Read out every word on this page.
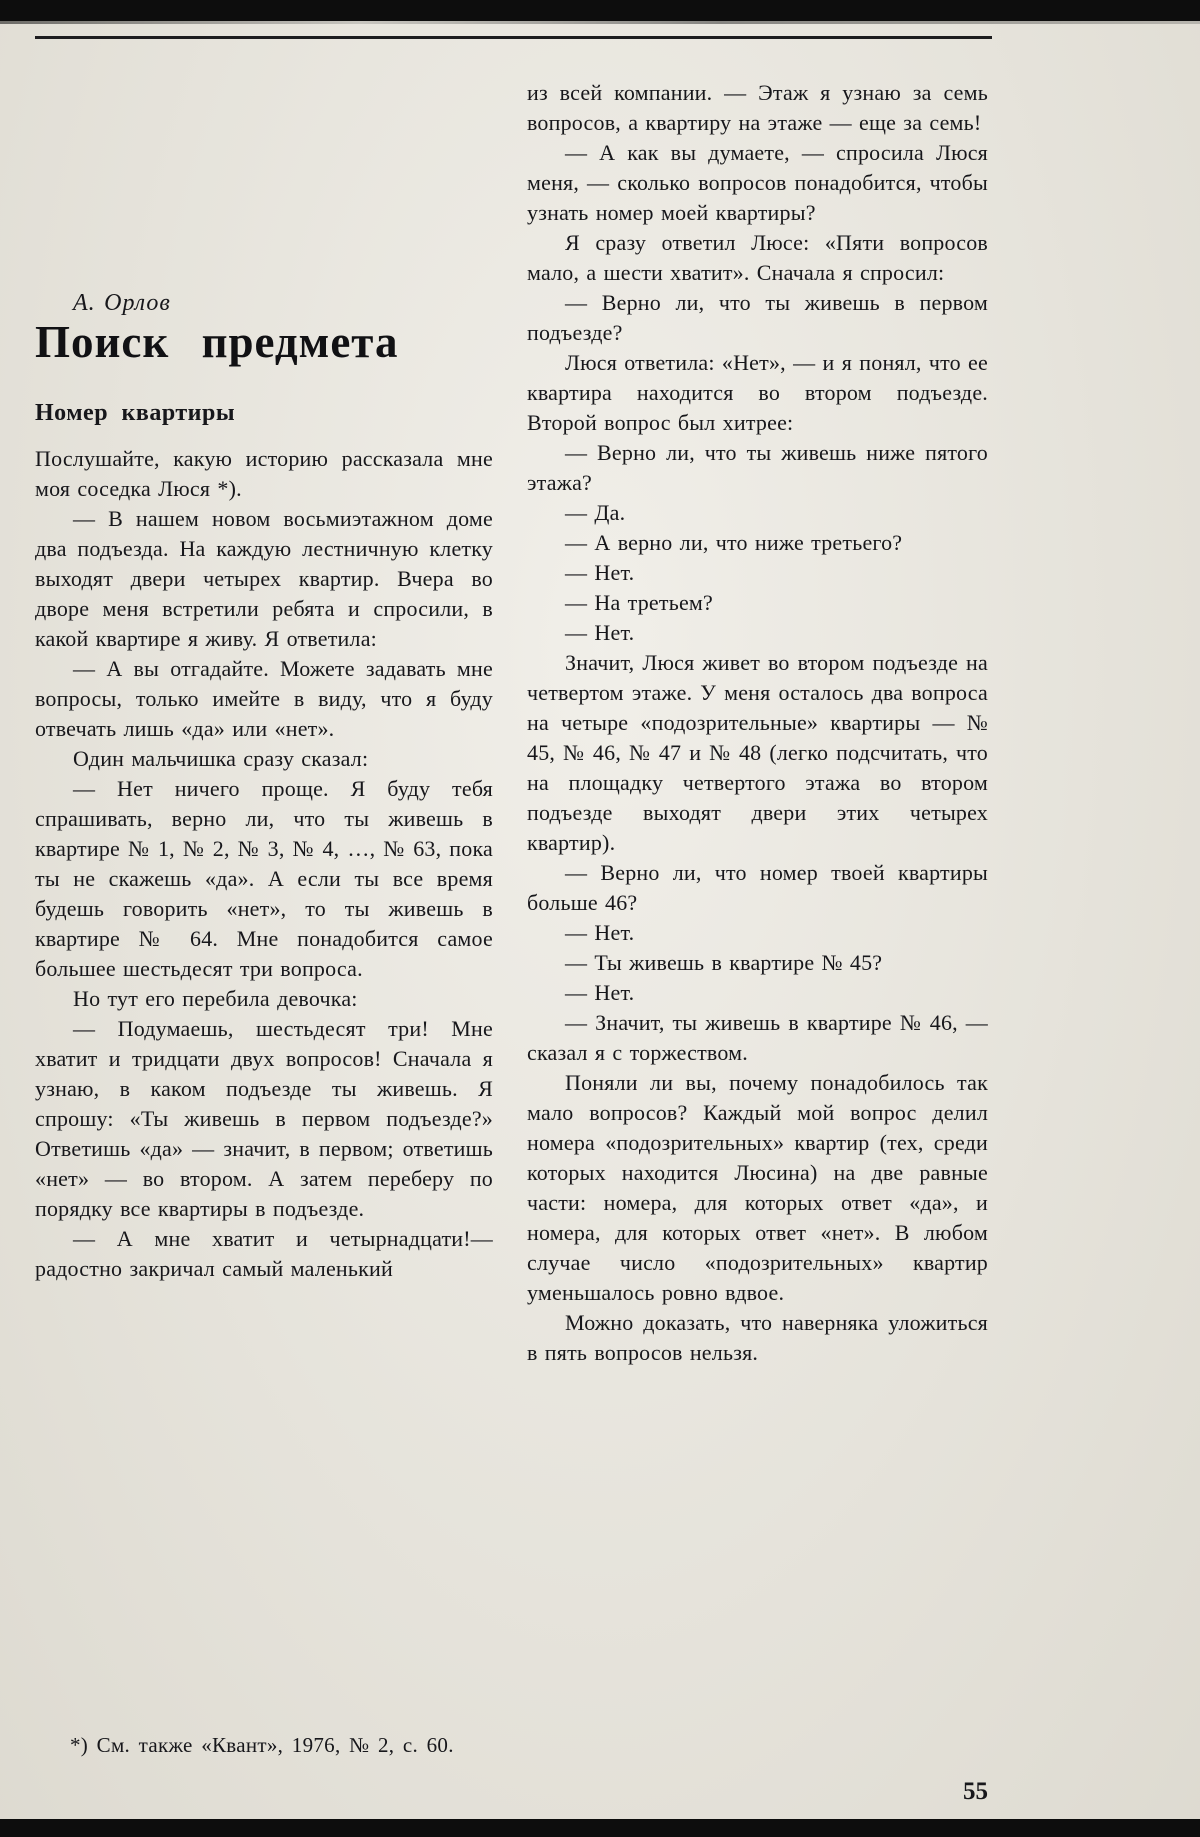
А. Орлов

Поиск предмета
Номер квартиры

Послушайте, какую историю рассказала мне моя соседка Люся *).

— В нашем новом восьмиэтажном доме два подъезда. На каждую лестничную клетку выходят двери четырех квартир. Вчера во дворе меня встретили ребята и спросили, в какой квартире я живу. Я ответила:

— А вы отгадайте. Можете задавать мне вопросы, только имейте в виду, что я буду отвечать лишь «да» или «нет».

Один мальчишка сразу сказал:

— Нет ничего проще. Я буду тебя спрашивать, верно ли, что ты живешь в квартире № 1, № 2, № 3, № 4, …, № 63, пока ты не скажешь «да». А если ты все время будешь говорить «нет», то ты живешь в квартире № 64. Мне понадобится самое большее шестьдесят три вопроса.

Но тут его перебила девочка:

— Подумаешь, шестьдесят три! Мне хватит и тридцати двух вопросов! Сначала я узнаю, в каком подъезде ты живешь. Я спрошу: «Ты живешь в первом подъезде?» Ответишь «да» — значит, в первом; ответишь «нет» — во втором. А затем переберу по порядку все квартиры в подъезде.

— А мне хватит и четырнадцати!— радостно закричал самый маленький

из всей компании. — Этаж я узнаю за семь вопросов, а квартиру на этаже — еще за семь!

— А как вы думаете, — спросила Люся меня, — сколько вопросов понадобится, чтобы узнать номер моей квартиры?

Я сразу ответил Люсе: «Пяти вопросов мало, а шести хватит». Сначала я спросил:

— Верно ли, что ты живешь в первом подъезде?

Люся ответила: «Нет», — и я понял, что ее квартира находится во втором подъезде. Второй вопрос был хитрее:

— Верно ли, что ты живешь ниже пятого этажа?

— Да.

— А верно ли, что ниже третьего?

— Нет.

— На третьем?

— Нет.

Значит, Люся живет во втором подъезде на четвертом этаже. У меня осталось два вопроса на четыре «подозрительные» квартиры — № 45, № 46, № 47 и № 48 (легко подсчитать, что на площадку четвертого этажа во втором подъезде выходят двери этих четырех квартир).

— Верно ли, что номер твоей квартиры больше 46?

— Нет.

— Ты живешь в квартире № 45?

— Нет.

— Значит, ты живешь в квартире № 46, — сказал я с торжеством.

Поняли ли вы, почему понадобилось так мало вопросов? Каждый мой вопрос делил номера «подозрительных» квартир (тех, среди которых находится Люсина) на две равные части: номера, для которых ответ «да», и номера, для которых ответ «нет». В любом случае число «подозрительных» квартир уменьшалось ровно вдвое.

Можно доказать, что наверняка уложиться в пять вопросов нельзя.

*) См. также «Квант», 1976, № 2, с. 60.

55
